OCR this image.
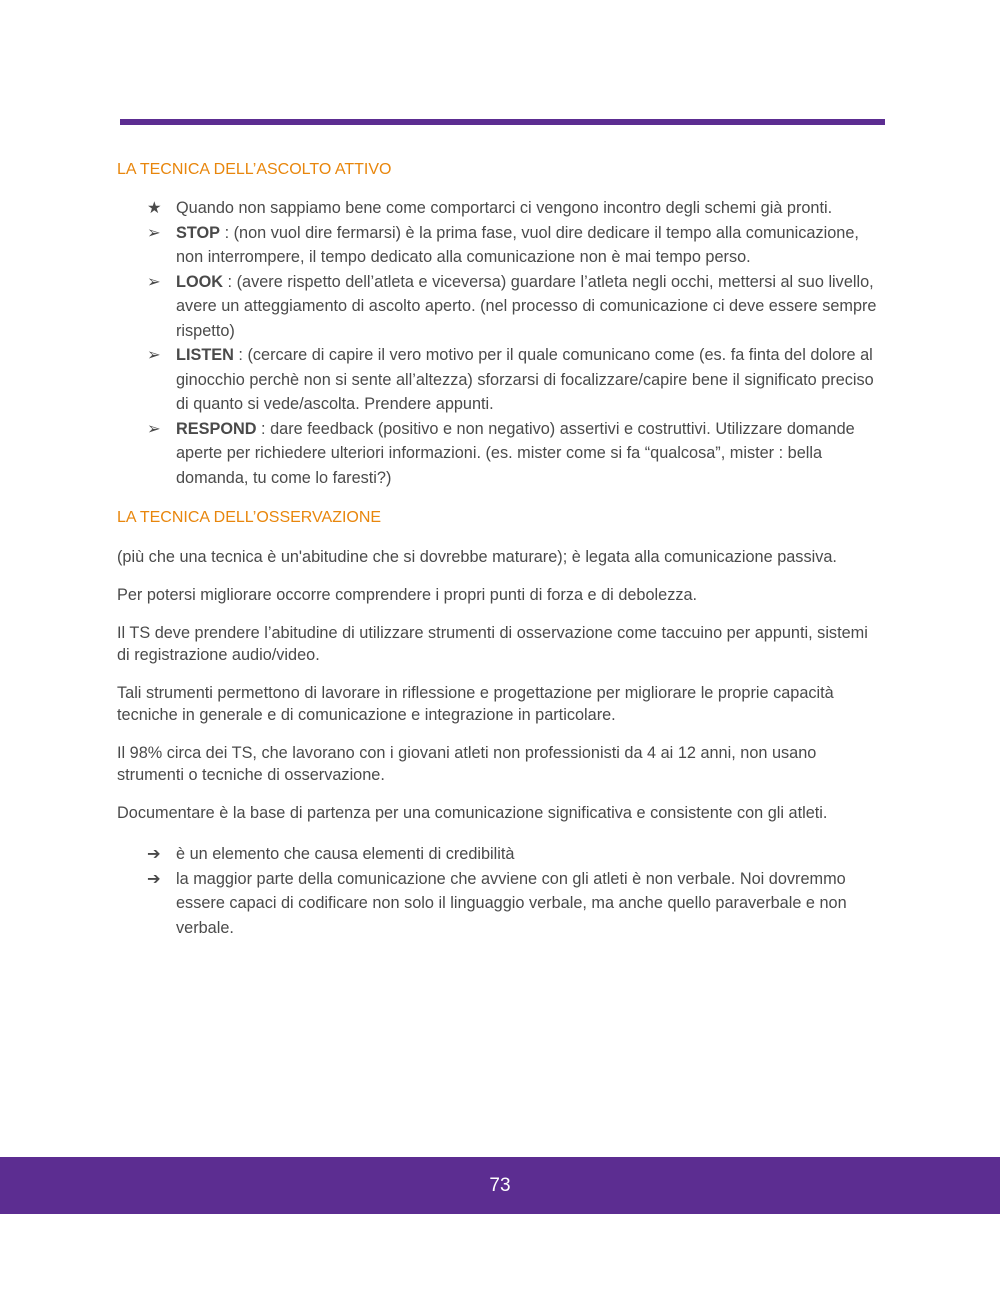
LA TECNICA DELL’ASCOLTO ATTIVO
★ Quando non sappiamo bene come comportarci ci vengono incontro degli schemi già pronti.
➢ STOP : (non vuol dire fermarsi) è la prima fase, vuol dire dedicare il tempo alla comunicazione, non interrompere, il tempo dedicato alla comunicazione non è mai tempo perso.
➢ LOOK : (avere rispetto dell’atleta e viceversa) guardare l’atleta negli occhi, mettersi al suo livello, avere un atteggiamento di ascolto aperto. (nel processo di comunicazione ci deve essere sempre rispetto)
➢ LISTEN : (cercare di capire il vero motivo per il quale comunicano come (es. fa finta del dolore al ginocchio perchè non si sente all’altezza) sforzarsi di focalizzare/capire bene il significato preciso di quanto si vede/ascolta. Prendere appunti.
➢ RESPOND : dare feedback (positivo e non negativo) assertivi e costruttivi. Utilizzare domande aperte per richiedere ulteriori informazioni. (es. mister come si fa “qualcosa”, mister : bella domanda, tu come lo faresti?)
LA TECNICA DELL’OSSERVAZIONE

(più che una tecnica è un'abitudine che si dovrebbe maturare); è legata alla comunicazione passiva.

Per potersi migliorare occorre comprendere i propri punti di forza e di debolezza.

Il TS deve prendere l’abitudine di utilizzare strumenti di osservazione come taccuino per appunti, sistemi di registrazione audio/video.

Tali strumenti permettono di lavorare in riflessione e progettazione per migliorare le proprie capacità tecniche in generale e di comunicazione e integrazione in particolare.

Il 98% circa dei TS, che lavorano con i giovani atleti non professionisti da 4 ai 12 anni, non usano strumenti o tecniche di osservazione.

Documentare è la base di partenza per una comunicazione significativa e consistente con gli atleti.

➔ è un elemento che causa elementi di credibilità
➔ la maggior parte della comunicazione che avviene con gli atleti è non verbale. Noi dovremmo essere capaci di codificare non solo il linguaggio verbale, ma anche quello paraverbale e non verbale.
73
